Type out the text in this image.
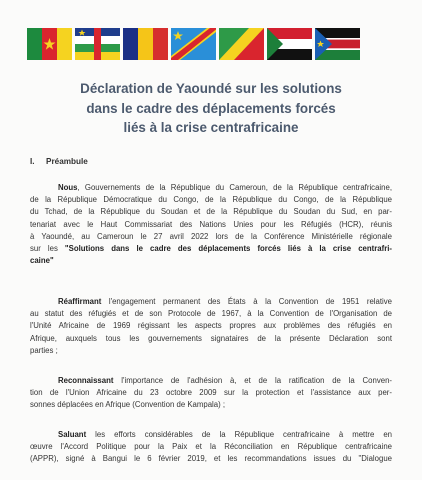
Déclaration de Yaoundé sur les solutions
dans le cadre des déplacements forcés
liés à la crise centrafricaine
I. Préambule
Nous, Gouvernements de la République du Cameroun, de la République centrafricaine,
de la République Démocratique du Congo, de la République du Congo, de la République
du Tchad, de la République du Soudan et de la République du Soudan du Sud, en par-
tenariat avec le Haut Commissariat des Nations Unies pour les Réfugiés (HCR), réunis
à Yaoundé, au Cameroun le 27 avril 2022 lors de la Conférence Ministérielle régionale
sur les "Solutions dans le cadre des déplacements forcés liés à la crise centrafri-
caine"
Réaffirmant l'engagement permanent des États à la Convention de 1951 relative
au statut des réfugiés et de son Protocole de 1967, à la Convention de l'Organisation de
l'Unité Africaine de 1969 régissant les aspects propres aux problèmes des réfugiés en
Afrique, auxquels tous les gouvernements signataires de la présente Déclaration sont
parties ;
Reconnaissant l'importance de l'adhésion à, et de la ratification de la Conven-
tion de l'Union Africaine du 23 octobre 2009 sur la protection et l'assistance aux per-
sonnes déplacées en Afrique (Convention de Kampala) ;
Saluant les efforts considérables de la République centrafricaine à mettre en
œuvre l'Accord Politique pour la Paix et la Réconciliation en République centrafricaine
(APPR), signé à Bangui le 6 février 2019, et les recommandations issues du "Dialogue
